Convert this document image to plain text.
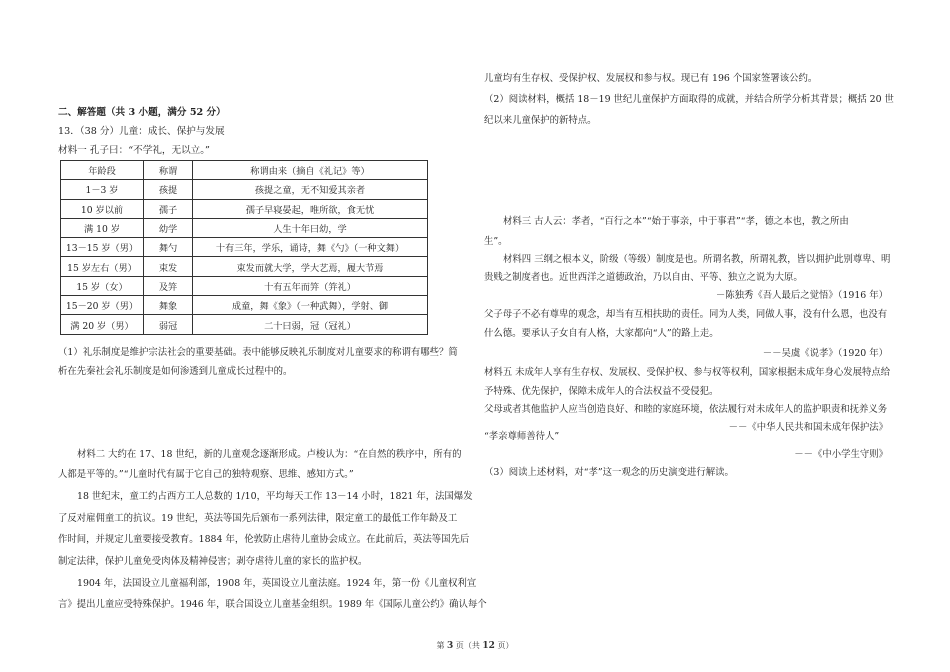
二、解答题（共 3 小题，满分 52 分）
13．（38 分）儿童：成长、保护与发展
材料一 孔子曰：“不学礼，无以立。”
年龄段	称谓	称谓由来（摘自《礼记》等）
1－3 岁	孩提	孩提之童，无不知爱其亲者
10 岁以前	孺子	孺子早寝晏起，唯所欲，食无忧
满 10 岁	幼学	人生十年曰幼，学
13－15 岁（男）	舞勺	十有三年，学乐，诵诗，舞《勺》（一种文舞）
15 岁左右（男）	束发	束发而就大学，学大艺焉，履大节焉
15 岁（女）	及笄	十有五年而笄（笄礼）
15－20 岁（男）	舞象	成童，舞《象》（一种武舞），学射、御
满 20 岁（男）	弱冠	二十曰弱，冠（冠礼）
（1）礼乐制度是维护宗法社会的重要基础。表中能够反映礼乐制度对儿童要求的称谓有哪些？简
析在先秦社会礼乐制度是如何渗透到儿童成长过程中的。
材料二 大约在 17、18 世纪，新的儿童观念逐渐形成。卢梭认为：“在自然的秩序中，所有的
人都是平等的。”“儿童时代有属于它自己的独特观察、思维、感知方式。”
18 世纪末，童工约占西方工人总数的 1/10，平均每天工作 13－14 小时，1821 年，法国爆发
了反对雇佣童工的抗议。19 世纪，英法等国先后颁布一系列法律，限定童工的最低工作年龄及工
作时间，并规定儿童要接受教育。1884 年，伦敦防止虐待儿童协会成立。在此前后，英法等国先后
制定法律，保护儿童免受肉体及精神侵害；剥夺虐待儿童的家长的监护权。
1904 年，法国设立儿童福利部，1908 年，英国设立儿童法庭。1924 年，第一份《儿童权利宣
言》提出儿童应受特殊保护。1946 年，联合国设立儿童基金组织。1989 年《国际儿童公约》确认每个
儿童均有生存权、受保护权、发展权和参与权。现已有 196 个国家签署该公约。
（2）阅读材料，概括 18－19 世纪儿童保护方面取得的成就，并结合所学分析其背景；概括 20 世
纪以来儿童保护的新特点。
材料三 古人云：孝者，“百行之本”“始于事亲，中于事君”“孝，德之本也，教之所由
生”。
材料四 三纲之根本义，阶级（等级）制度是也。所谓名教，所谓礼教，皆以拥护此别尊卑、明
贵贱之制度者也。近世西洋之道德政治，乃以自由、平等、独立之说为大原。
－陈独秀《吾人最后之觉悟》（1916 年）
父子母子不必有尊卑的观念，却当有互相扶助的责任。同为人类，同做人事，没有什么恩，也没有
什么德。要承认子女自有人格，大家都向“人”的路上走。
－－吴虞《说孝》（1920 年）
材料五 未成年人享有生存权、发展权、受保护权、参与权等权利，国家根据未成年身心发展特点给
予特殊、优先保护，保障未成年人的合法权益不受侵犯。
父母或者其他监护人应当创造良好、和睦的家庭环境，依法履行对未成年人的监护职责和抚养义务
－－《中华人民共和国未成年保护法》
“孝亲尊师善待人”
－－《中小学生守则》
（3）阅读上述材料，对“孝”这一观念的历史演变进行解读。
第 3 页（共 12 页）
